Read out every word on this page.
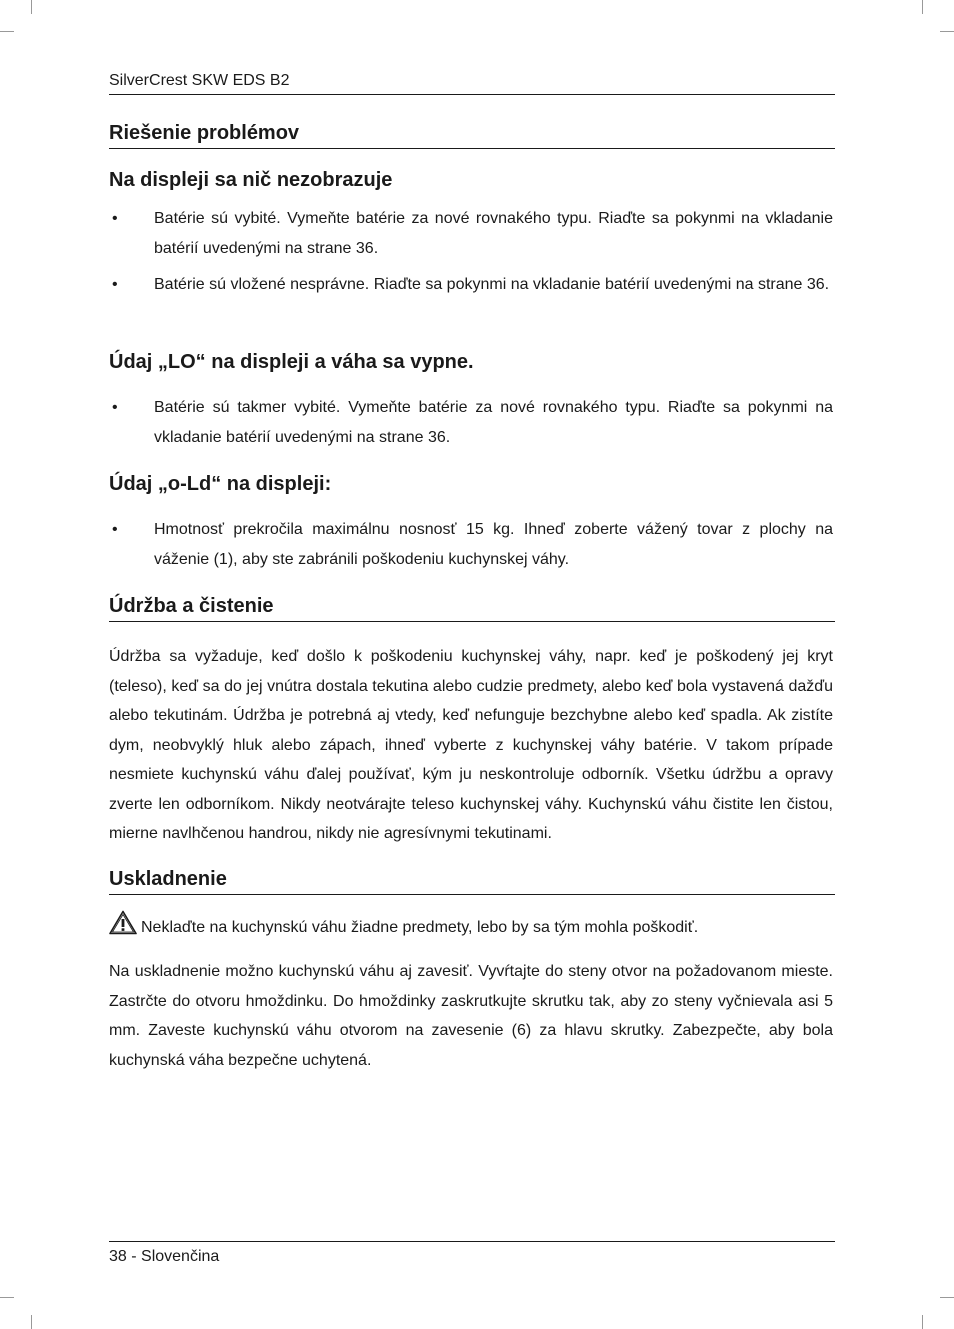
SilverCrest SKW EDS B2
Riešenie problémov
Na displeji sa nič nezobrazuje
• Batérie sú vybité. Vymeňte batérie za nové rovnakého typu. Riaďte sa pokynmi na vkladanie batérií uvedenými na strane 36.
• Batérie sú vložené nesprávne. Riaďte sa pokynmi na vkladanie batérií uvedenými na strane 36.
Údaj „LO“ na displeji a váha sa vypne.
• Batérie sú takmer vybité. Vymeňte batérie za nové rovnakého typu. Riaďte sa pokynmi na vkladanie batérií uvedenými na strane 36.
Údaj „o-Ld“ na displeji:
• Hmotnosť prekročila maximálnu nosnosť 15 kg. Ihneď zoberte vážený tovar z plochy na váženie (1), aby ste zabránili poškodeniu kuchynskej váhy.
Údržba a čistenie

Údržba sa vyžaduje, keď došlo k poškodeniu kuchynskej váhy, napr. keď je poškodený jej kryt (teleso), keď sa do jej vnútra dostala tekutina alebo cudzie predmety, alebo keď bola vystavená dažďu alebo tekutinám. Údržba je potrebná aj vtedy, keď nefunguje bezchybne alebo keď spadla. Ak zistíte dym, neobvyklý hluk alebo zápach, ihneď vyberte z kuchynskej váhy batérie. V takom prípade nesmiete kuchynskú váhu ďalej používať, kým ju neskontroluje odborník. Všetku údržbu a opravy zverte len odborníkom. Nikdy neotvárajte teleso kuchynskej váhy. Kuchynskú váhu čistite len čistou, mierne navlhčenou handrou, nikdy nie agresívnymi tekutinami.

Uskladnenie
Neklaďte na kuchynskú váhu žiadne predmety, lebo by sa tým mohla poškodiť.

Na uskladnenie možno kuchynskú váhu aj zavesiť. Vyvŕtajte do steny otvor na požadovanom mieste. Zastrčte do otvoru hmoždinku. Do hmoždinky zaskrutkujte skrutku tak, aby zo steny vyčnievala asi 5 mm. Zaveste kuchynskú váhu otvorom na zavesenie (6) za hlavu skrutky. Zabezpečte, aby bola kuchynská váha bezpečne uchytená.

38 - Slovenčina
